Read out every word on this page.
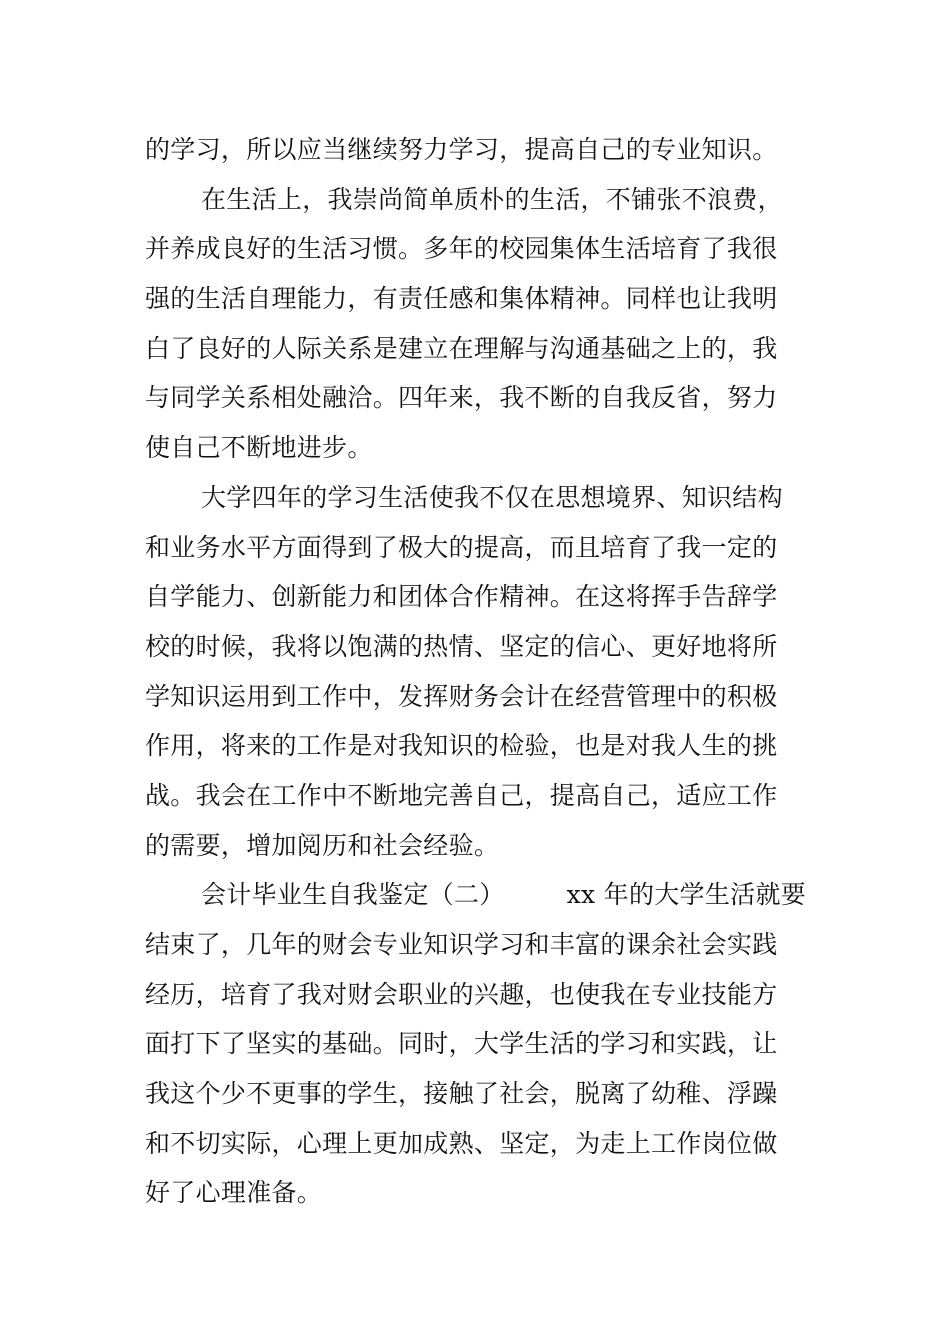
的学习，所以应当继续努力学习，提高自己的专业知识。
在生活上，我崇尚简单质朴的生活，不铺张不浪费，
并养成良好的生活习惯。多年的校园集体生活培育了我很
强的生活自理能力，有责任感和集体精神。同样也让我明
白了良好的人际关系是建立在理解与沟通基础之上的，我
与同学关系相处融洽。四年来，我不断的自我反省，努力
使自己不断地进步。
大学四年的学习生活使我不仅在思想境界、知识结构
和业务水平方面得到了极大的提高，而且培育了我一定的
自学能力、创新能力和团体合作精神。在这将挥手告辞学
校的时候，我将以饱满的热情、坚定的信心、更好地将所
学知识运用到工作中，发挥财务会计在经营管理中的积极
作用，将来的工作是对我知识的检验，也是对我人生的挑
战。我会在工作中不断地完善自己，提高自己，适应工作
的需要，增加阅历和社会经验。
会计毕业生自我鉴定（二） xx 年的大学生活就要
结束了，几年的财会专业知识学习和丰富的课余社会实践
经历，培育了我对财会职业的兴趣，也使我在专业技能方
面打下了坚实的基础。同时，大学生活的学习和实践，让
我这个少不更事的学生，接触了社会，脱离了幼稚、浮躁
和不切实际，心理上更加成熟、坚定，为走上工作岗位做
好了心理准备。
